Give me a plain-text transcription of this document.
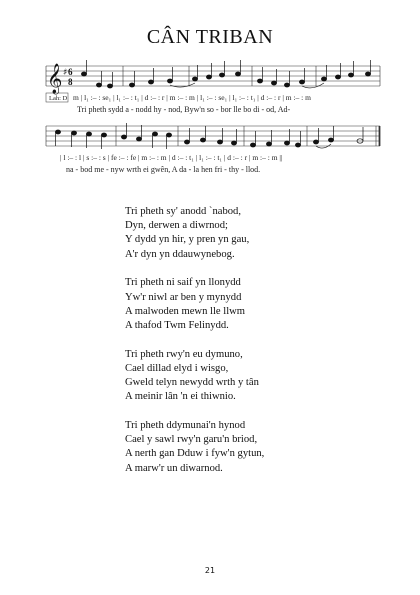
CÂN TRIBAN
𝄞 ♯ 6
8
Lah: D m | l₁ :– : se₁ | l₁ :– : t₁ | d :– : r | m :– : m | l₁ :– : se₁ | l₁ :– : t₁ | d :– : r | m :– : m
Tri pheth sydd a - nodd hy - nod, Byw'n so - bor lle bo di - od, Ad-
| l :– : l | s :– : s | fe :– : fe | m :– : m | d :– : t₁ | l₁ :– : t₁ | d :– : r | m :– : m ||
na - bod me - nyw wrth ei gwên, A da - la hen fri - thy - llod.
Tri pheth sy' anodd `nabod,
Dyn, derwen a diwrnod;
Y dydd yn hir, y pren yn gau,
A'r dyn yn ddauwynebog.
Tri pheth ni saif yn llonydd
Yw'r niwl ar ben y mynydd
A malwoden mewn lle llwm
A thafod Twm Felinydd.
Tri pheth rwy'n eu dymuno,
Cael dillad elyd i wisgo,
Gweld telyn newydd wrth y tân
A meinir lân 'n ei thiwnio.
Tri pheth ddymunai'n hynod
Cael y sawl rwy'n garu'n briod,
A nerth gan Dduw i fyw'n gytun,
A marw'r un diwarnod.
21
